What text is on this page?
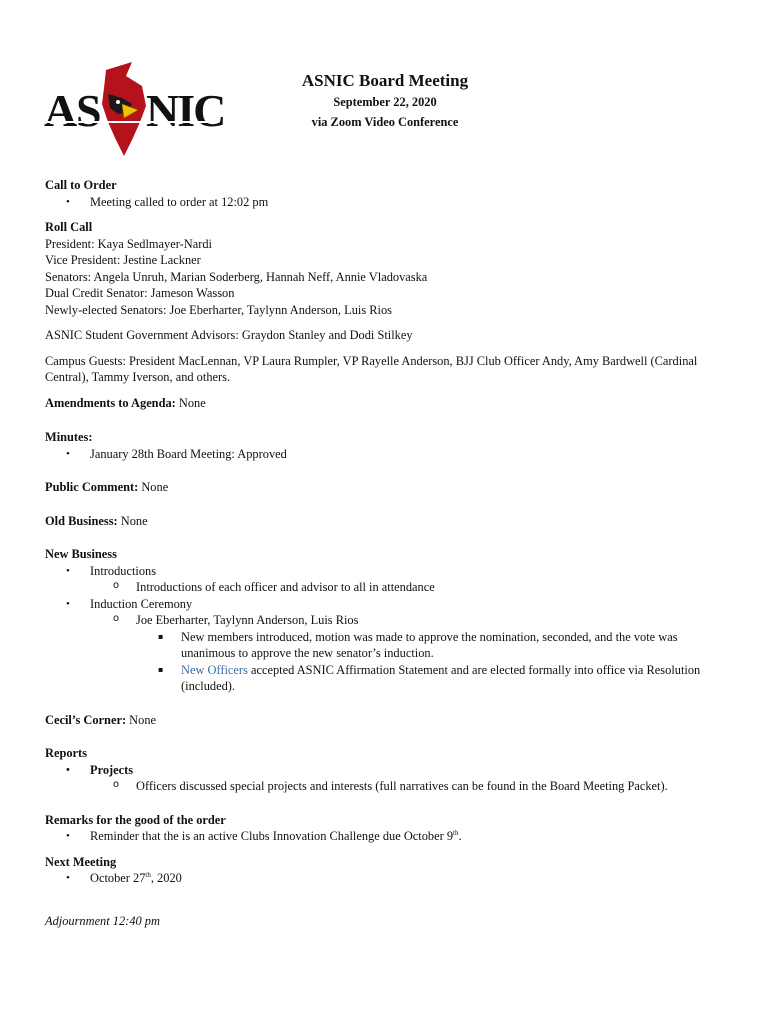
A S NIC
ASNIC Board Meeting
September 22, 2020
via Zoom Video Conference
Call to Order
• Meeting called to order at 12:02 pm
Roll Call
President: Kaya Sedlmayer-Nardi
Vice President: Jestine Lackner
Senators: Angela Unruh, Marian Soderberg, Hannah Neff, Annie Vladovaska
Dual Credit Senator: Jameson Wasson
Newly-elected Senators: Joe Eberharter, Taylynn Anderson, Luis Rios
ASNIC Student Government Advisors: Graydon Stanley and Dodi Stilkey
Campus Guests: President MacLennan, VP Laura Rumpler, VP Rayelle Anderson, BJJ Club Officer Andy, Amy Bardwell (Cardinal Central), Tammy Iverson, and others.
Amendments to Agenda: None
Minutes:
• January 28th Board Meeting: Approved
Public Comment: None
Old Business: None
New Business
• Introductions
o Introductions of each officer and advisor to all in attendance
• Induction Ceremony
o Joe Eberharter, Taylynn Anderson, Luis Rios
▪ New members introduced, motion was made to approve the nomination, seconded, and the vote was unanimous to approve the new senator’s induction.
▪ New Officers accepted ASNIC Affirmation Statement and are elected formally into office via Resolution (included).
Cecil’s Corner: None
Reports
• Projects
o Officers discussed special projects and interests (full narratives can be found in the Board Meeting Packet).
Remarks for the good of the order
• Reminder that the is an active Clubs Innovation Challenge due October 9th.
Next Meeting
• October 27th, 2020
Adjournment 12:40 pm
